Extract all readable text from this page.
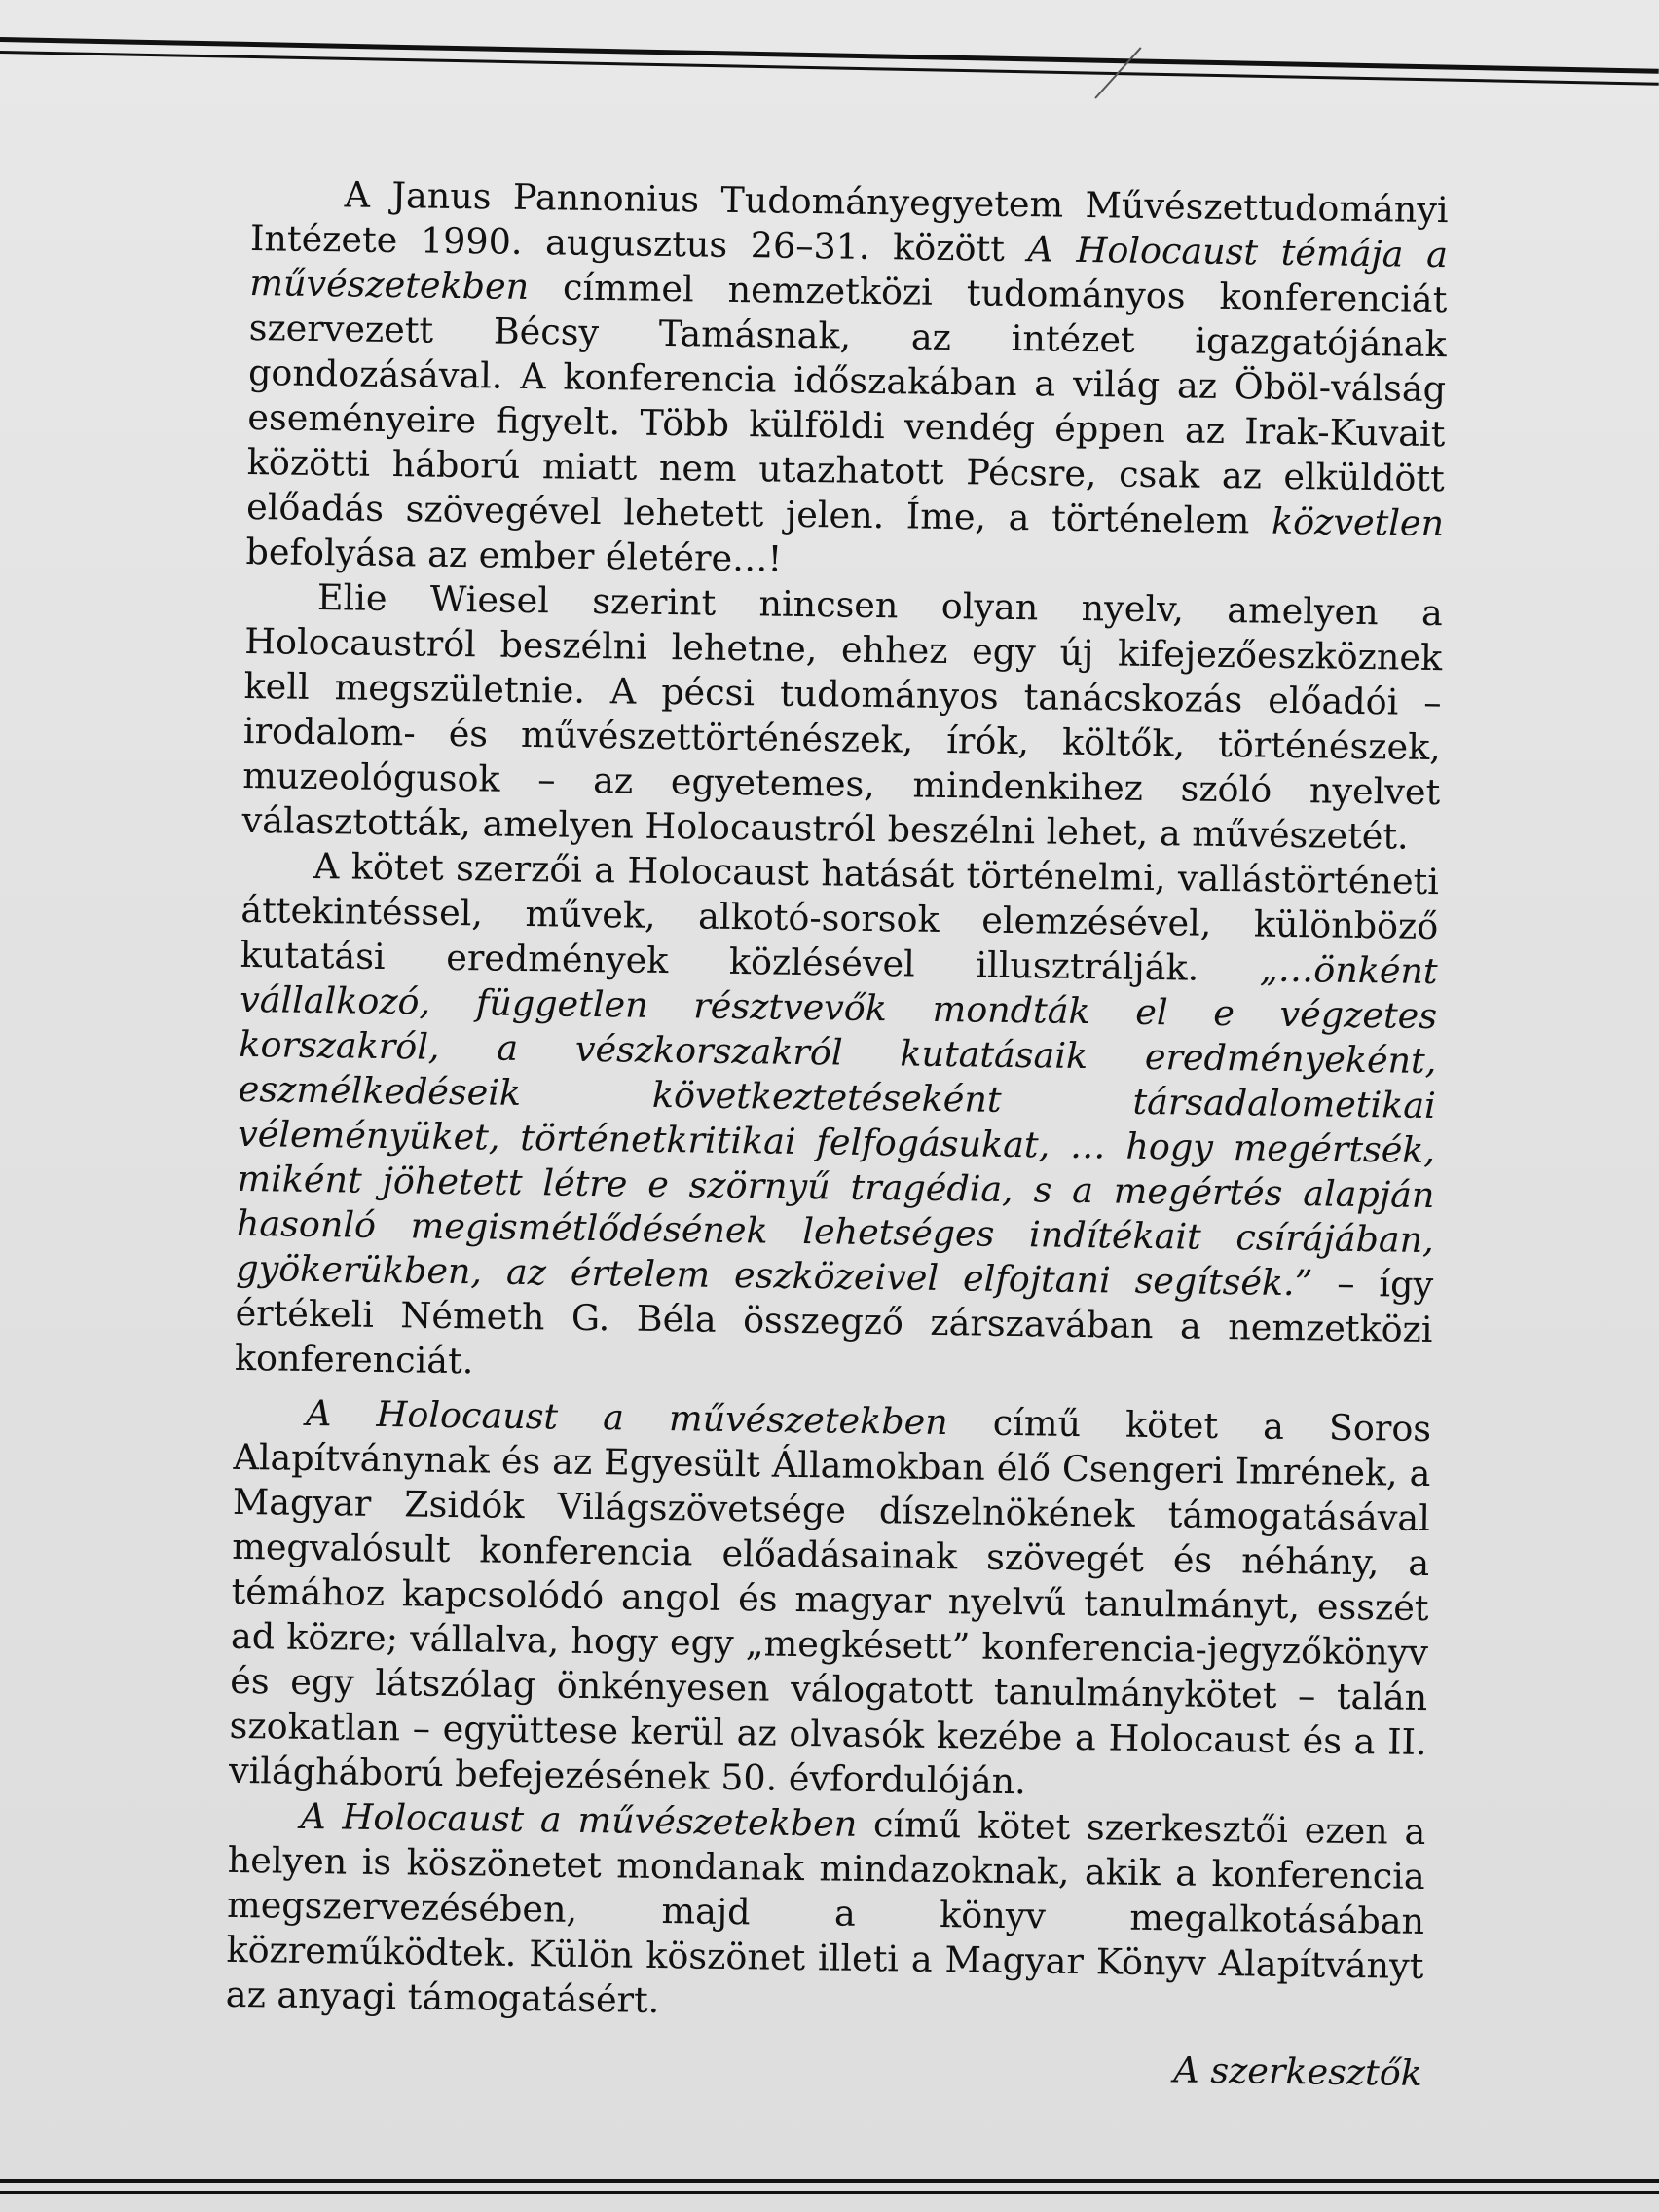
A Janus Pannonius Tudományegyetem Művészettudományi Intézete 1990. augusztus 26–31. között A Holocaust témája a művészetekben címmel nemzetközi tudományos konferenciát szervezett Bécsy Tamásnak, az intézet igazgatójának gondozásával. A konferencia időszakában a világ az Öböl-válság eseményeire figyelt. Több külföldi vendég éppen az Irak-Kuvait közötti háború miatt nem utazhatott Pécsre, csak az elküldött előadás szövegével lehetett jelen. Íme, a történelem közvetlen befolyása az ember életére…!

Elie Wiesel szerint nincsen olyan nyelv, amelyen a Holocaustról beszélni lehetne, ehhez egy új kifejezőeszköznek kell megszületnie. A pécsi tudományos tanácskozás előadói – irodalom- és művészettörténészek, írók, költők, történészek, muzeológusok – az egyetemes, mindenkihez szóló nyelvet választották, amelyen Holocaustról beszélni lehet, a művészetét.

A kötet szerzői a Holocaust hatását történelmi, vallástörténeti áttekintéssel, művek, alkotó-sorsok elemzésével, különböző kutatási eredmények közlésével illusztrálják. „…önként vállalkozó, független résztvevők mondták el e végzetes korszakról, a vészkorszakról kutatásaik eredményeként, eszmélkedéseik következtetéseként társadalometikai véleményüket, történetkritikai felfogásukat, … hogy megértsék, miként jöhetett létre e szörnyű tragédia, s a megértés alapján hasonló megismétlődésének lehetséges indítékait csírájában, gyökerükben, az értelem eszközeivel elfojtani segítsék.” – így értékeli Németh G. Béla összegző zárszavában a nemzetközi konferenciát.

A Holocaust a művészetekben című kötet a Soros Alapítványnak és az Egyesült Államokban élő Csengeri Imrének, a Magyar Zsidók Világszövetsége díszelnökének támogatásával megvalósult konferencia előadásainak szövegét és néhány, a témához kapcsolódó angol és magyar nyelvű tanulmányt, esszét ad közre; vállalva, hogy egy „megkésett” konferencia-jegyzőkönyv és egy látszólag önkényesen válogatott tanulmánykötet – talán szokatlan – együttese kerül az olvasók kezébe a Holocaust és a II. világháború befejezésének 50. évfordulóján.

A Holocaust a művészetekben című kötet szerkesztői ezen a helyen is köszönetet mondanak mindazoknak, akik a konferencia megszervezésében, majd a könyv megalkotásában közreműködtek. Külön köszönet illeti a Magyar Könyv Alapítványt az anyagi támogatásért.

A szerkesztők
